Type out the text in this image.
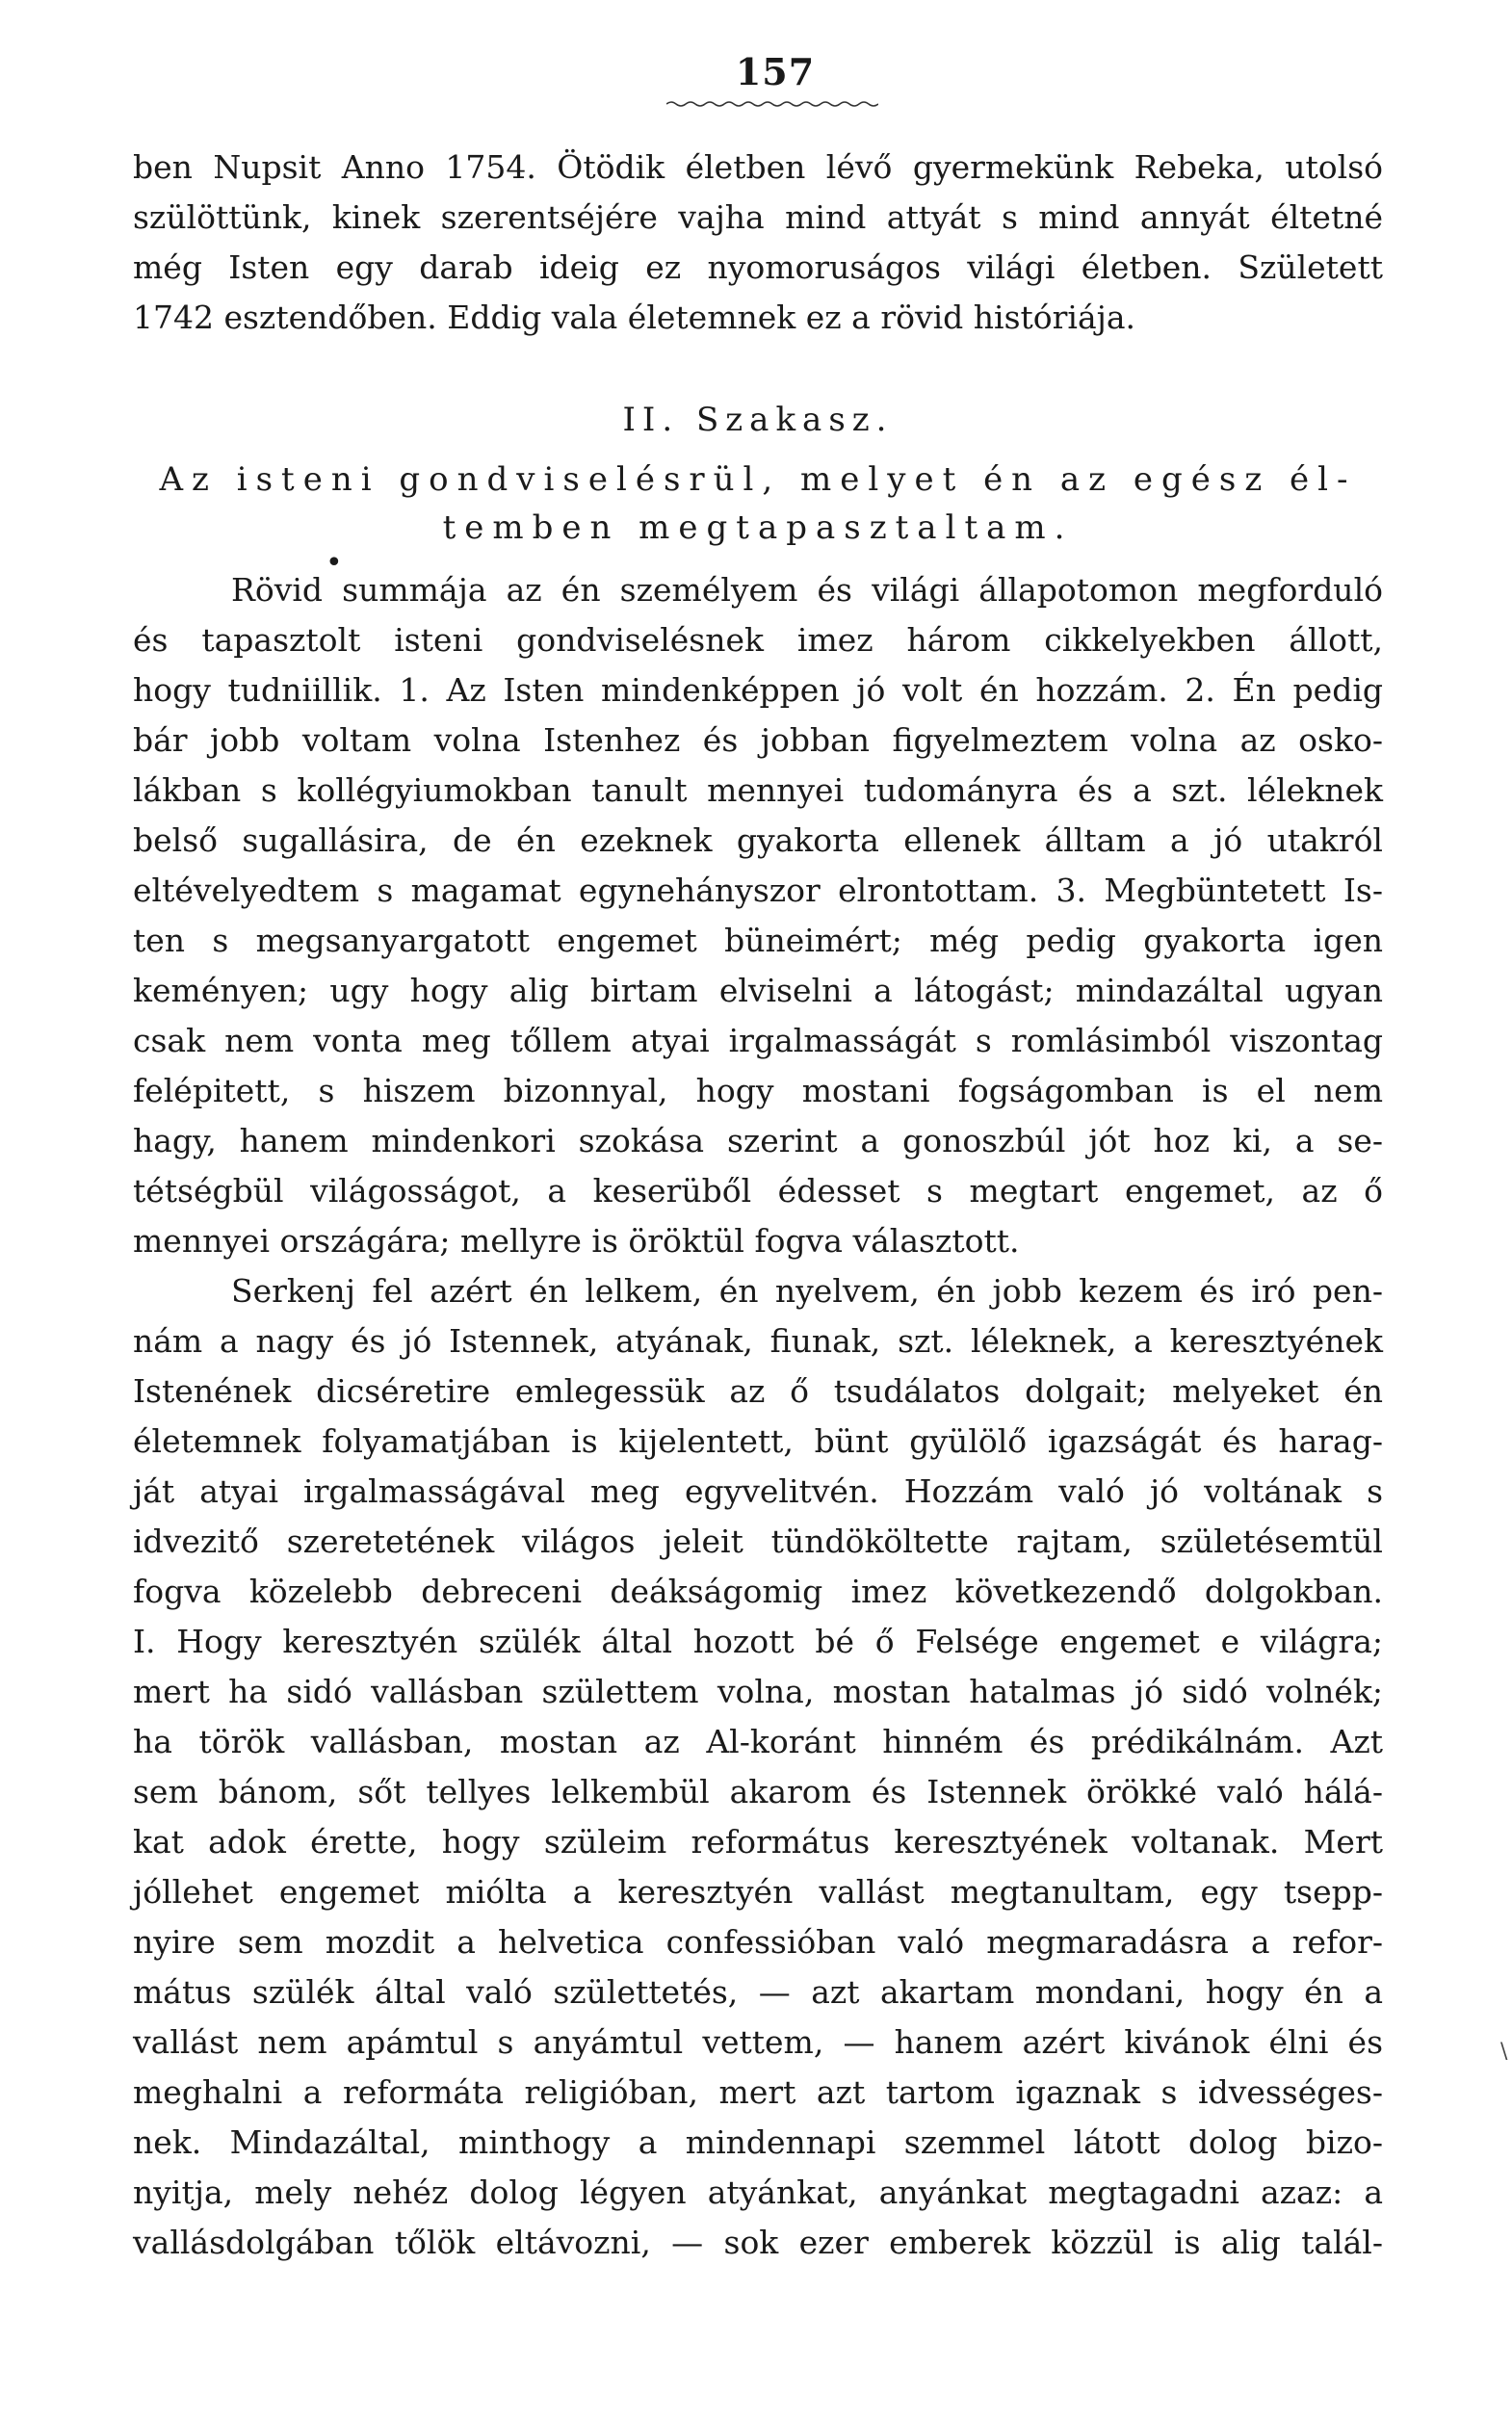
157
ben Nupsit Anno 1754. Ötödik életben lévő gyermekünk Rebeka, utolsó
szülöttünk, kinek szerentséjére vajha mind attyát s mind annyát éltetné
még Isten egy darab ideig ez nyomoruságos világi életben. Született
1742 esztendőben. Eddig vala életemnek ez a rövid históriája.
II. Szakasz.
Az isteni gondviselésrül, melyet én az egész él-
•
temben megtapasztaltam.
Rövid summája az én személyem és világi állapotomon megforduló
és tapasztolt isteni gondviselésnek imez három cikkelyekben állott,
hogy tudniillik. 1. Az Isten mindenképpen jó volt én hozzám. 2. Én pedig
bár jobb voltam volna Istenhez és jobban figyelmeztem volna az osko-
lákban s kollégyiumokban tanult mennyei tudományra és a szt. léleknek
belső sugallásira, de én ezeknek gyakorta ellenek álltam a jó utakról
eltévelyedtem s magamat egynehányszor elrontottam. 3. Megbüntetett Is-
ten s megsanyargatott engemet büneimért; még pedig gyakorta igen
keményen; ugy hogy alig birtam elviselni a látogást; mindazáltal ugyan
csak nem vonta meg tőllem atyai irgalmasságát s romlásimból viszontag
felépitett, s hiszem bizonnyal, hogy mostani fogságomban is el nem
hagy, hanem mindenkori szokása szerint a gonoszbúl jót hoz ki, a se-
tétségbül világosságot, a keserüből édesset s megtart engemet, az ő
mennyei országára; mellyre is öröktül fogva választott.
Serkenj fel azért én lelkem, én nyelvem, én jobb kezem és iró pen-
nám a nagy és jó Istennek, atyának, fiunak, szt. léleknek, a keresztyének
Istenének dicséretire emlegessük az ő tsudálatos dolgait; melyeket én
életemnek folyamatjában is kijelentett, bünt gyülölő igazságát és harag-
ját atyai irgalmasságával meg egyvelitvén. Hozzám való jó voltának s
idvezitő szeretetének világos jeleit tündököltette rajtam, születésemtül
fogva közelebb debreceni deákságomig imez következendő dolgokban.
I. Hogy keresztyén szülék által hozott bé ő Felsége engemet e világra;
mert ha sidó vallásban születtem volna, mostan hatalmas jó sidó volnék;
ha török vallásban, mostan az Al-koránt hinném és prédikálnám. Azt
sem bánom, sőt tellyes lelkembül akarom és Istennek örökké való hálá-
kat adok érette, hogy szüleim református keresztyének voltanak. Mert
jóllehet engemet miólta a keresztyén vallást megtanultam, egy tsepp-
nyire sem mozdit a helvetica confessióban való megmaradásra a refor-
mátus szülék által való születtetés, — azt akartam mondani, hogy én a
vallást nem apámtul s anyámtul vettem, — hanem azért kivánok élni és
meghalni a reformáta religióban, mert azt tartom igaznak s idvességes-
nek. Mindazáltal, minthogy a mindennapi szemmel látott dolog bizo-
nyitja, mely nehéz dolog légyen atyánkat, anyánkat megtagadni azaz: a
vallásdolgában tőlök eltávozni, — sok ezer emberek közzül is alig talál-
\
